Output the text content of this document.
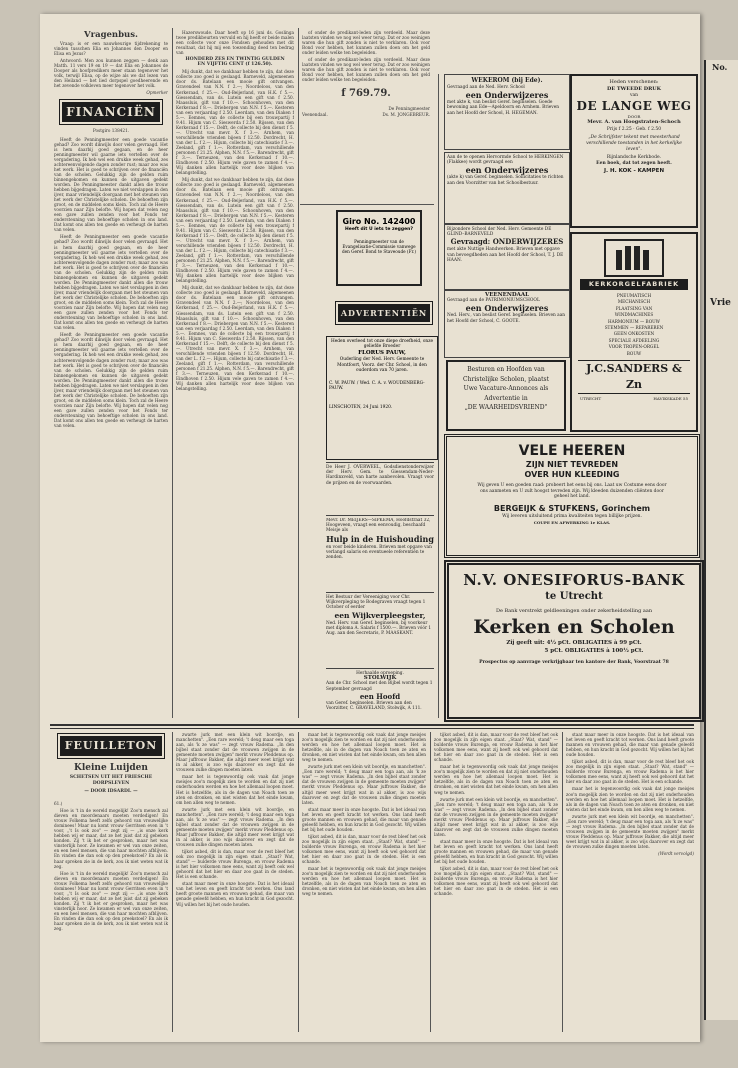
Vragenbus.

Vraag: is er een nauwkeurige tijdrekening te vinden tusschen Elia en Johannes den Dooper en Elisa en Jezus?

Antwoord: Men zou kunnen zeggen — denk aan Matth. 11 vers 19 en 19 — dat Elia en Johannes de Dooper als hoofpredikers meer staan tegenover het volk, terwijl Elisa, op de wijze als we dat lezen van den Heiland — het lied dorpspel goedheerende en het zevende volkleven meer tegenover het volk.

Opmerker
FINANCIËN
Postgiro 138421.

Heeft de Penningmeester een goede vacantie gehad? Zoo wordt dikwijls door velen gevraagd. Het is hem daarbij goed gegaan, en de heer penningmeester wil gaarne iets vertellen over de vergadering. Ik heb wel een drukke week gehad, zes achtereenvolgende dagen zonder rust; maar zoo was het werk. Het is goed te schrijven over de financiën van de scholen. Gelukkig zijn de gelden ruim binnengekomen en kunnen de uitgaven gedekt worden. De Penningmeester dankt allen die trouw hebben bijgedragen. Laten we niet verslappen in den ijver, maar vriendelijk doorgaan met het steunen van het werk der Christelijke scholen. De behoeften zijn groot, en de middelen soms klein. Toch zal de Heere voorzien naar Zijn belofte. Wij hopen dat velen nog een gave zullen zenden voor het Fonds ter ondersteuning van behoeftige scholen in ons land. Dat komt ons allen ten goede en verheugt de harten van velen.

Heeft de Penningmeester een goede vacantie gehad? Zoo wordt dikwijls door velen gevraagd. Het is hem daarbij goed gegaan, en de heer penningmeester wil gaarne iets vertellen over de vergadering. Ik heb wel een drukke week gehad, zes achtereenvolgende dagen zonder rust; maar zoo was het werk. Het is goed te schrijven over de financiën van de scholen. Gelukkig zijn de gelden ruim binnengekomen en kunnen de uitgaven gedekt worden. De Penningmeester dankt allen die trouw hebben bijgedragen. Laten we niet verslappen in den ijver, maar vriendelijk doorgaan met het steunen van het werk der Christelijke scholen. De behoeften zijn groot, en de middelen soms klein. Toch zal de Heere voorzien naar Zijn belofte. Wij hopen dat velen nog een gave zullen zenden voor het Fonds ter ondersteuning van behoeftige scholen in ons land. Dat komt ons allen ten goede en verheugt de harten van velen.

Heeft de Penningmeester een goede vacantie gehad? Zoo wordt dikwijls door velen gevraagd. Het is hem daarbij goed gegaan, en de heer penningmeester wil gaarne iets vertellen over de vergadering. Ik heb wel een drukke week gehad, zes achtereenvolgende dagen zonder rust; maar zoo was het werk. Het is goed te schrijven over de financiën van de scholen. Gelukkig zijn de gelden ruim binnengekomen en kunnen de uitgaven gedekt worden. De Penningmeester dankt allen die trouw hebben bijgedragen. Laten we niet verslappen in den ijver, maar vriendelijk doorgaan met het steunen van het werk der Christelijke scholen. De behoeften zijn groot, en de middelen soms klein. Toch zal de Heere voorzien naar Zijn belofte. Wij hopen dat velen nog een gave zullen zenden voor het Fonds ter ondersteuning van behoeftige scholen in ons land. Dat komt ons allen ten goede en verheugt de harten van velen.

Hazerswoude. Daar heeft op 16 juni ds. Goslinga twee predikbeurten vervuld en hij heeft er beide malen een collecte voor onze Fondsen gehouden met dit resultaat, dat hij mij een toezending deed ten bedrag van

HONDERD ZES EN TWINTIG GULDEN
EN VIJFTIG CENT (f 126.50).

Mij dunkt, dat we dankbaar hebben te zijn, dat deze collecte zoo goed is geslaagd. Barneveld, algemeenen door ds. Batelaan een mooie gift ontvangen. Gravendeel van N.N. f 2.—; Noordeloos, van den Kerkeraad, f 25.—. Oud-Beijerland, van H.K. f 5.—. Giessendam, van ds. Lutein een gift van f 2.50. Maassluis, gift van f 10.—. Schoonhoven, van den Kerkeraad f 8.—. Driebergen van N.N. f 5.—. Kesteren van een verjaardag f 2.50. Leerdam, van den Diaken f 5.—. Eemnes, van de collecte bij een trouwpartij f 9.41. Hijum van C. Sieswerda f 2.50. Rijssen, van den Kerkeraad f 15.—. Delft, de collecte bij den dienst f 5.—. Utrecht van mevr. X. f 3.—. Arnhem, van verschillende vrienden bijeen f 12.50. Dordrecht, H. van der L. f 2.—. Hijum, collecte bij catechisatie f 3.—. Zeeland, gift f 1.—. Rotterdam, van verschillende personen f 21.25. Alphen, N.N. f 5.—. Barendrecht, gift f 3.—. Terneuzen, van den Kerkeraad f 10.—. Eindhoven f 2.50. Hijum vele gaven te zamen f 4.—. Wij danken allen hartelijk voor deze blijken van belangstelling.

Mij dunkt, dat we dankbaar hebben te zijn, dat deze collecte zoo goed is geslaagd. Barneveld, algemeenen door ds. Batelaan een mooie gift ontvangen. Gravendeel van N.N. f 2.—; Noordeloos, van den Kerkeraad, f 25.—. Oud-Beijerland, van H.K. f 5.—. Giessendam, van ds. Lutein een gift van f 2.50. Maassluis, gift van f 10.—. Schoonhoven, van den Kerkeraad f 8.—. Driebergen van N.N. f 5.—. Kesteren van een verjaardag f 2.50. Leerdam, van den Diaken f 5.—. Eemnes, van de collecte bij een trouwpartij f 9.41. Hijum van C. Sieswerda f 2.50. Rijssen, van den Kerkeraad f 15.—. Delft, de collecte bij den dienst f 5.—. Utrecht van mevr. X. f 3.—. Arnhem, van verschillende vrienden bijeen f 12.50. Dordrecht, H. van der L. f 2.—. Hijum, collecte bij catechisatie f 3.—. Zeeland, gift f 1.—. Rotterdam, van verschillende personen f 21.25. Alphen, N.N. f 5.—. Barendrecht, gift f 3.—. Terneuzen, van den Kerkeraad f 10.—. Eindhoven f 2.50. Hijum vele gaven te zamen f 4.—. Wij danken allen hartelijk voor deze blijken van belangstelling.

Mij dunkt, dat we dankbaar hebben te zijn, dat deze collecte zoo goed is geslaagd. Barneveld, algemeenen door ds. Batelaan een mooie gift ontvangen. Gravendeel van N.N. f 2.—; Noordeloos, van den Kerkeraad, f 25.—. Oud-Beijerland, van H.K. f 5.—. Giessendam, van ds. Lutein een gift van f 2.50. Maassluis, gift van f 10.—. Schoonhoven, van den Kerkeraad f 8.—. Driebergen van N.N. f 5.—. Kesteren van een verjaardag f 2.50. Leerdam, van den Diaken f 5.—. Eemnes, van de collecte bij een trouwpartij f 9.41. Hijum van C. Sieswerda f 2.50. Rijssen, van den Kerkeraad f 15.—. Delft, de collecte bij den dienst f 5.—. Utrecht van mevr. X. f 3.—. Arnhem, van verschillende vrienden bijeen f 12.50. Dordrecht, H. van der L. f 2.—. Hijum, collecte bij catechisatie f 3.—. Zeeland, gift f 1.—. Rotterdam, van verschillende personen f 21.25. Alphen, N.N. f 5.—. Barendrecht, gift f 3.—. Terneuzen, van den Kerkeraad f 10.—. Eindhoven f 2.50. Hijum vele gaven te zamen f 4.—. Wij danken allen hartelijk voor deze blijken van belangstelling.

of onder de predikant-leden zijn verdeeld. Maar deze laatsten vinden we nog wel weer terug. Dat er zoo weinigen waren die hun gift zonden is niet te verklaren. Ook voor Bond voor hebben, het kunnen zullen doen om het geld onder leiden welke ten begeleiden.

of onder de predikant-leden zijn verdeeld. Maar deze laatsten vinden we nog wel weer terug. Dat er zoo weinigen waren die hun gift zonden is niet te verklaren. Ook voor Bond voor hebben, het kunnen zullen doen om het geld onder leiden welke ten begeleiden.

f 769.79.
De Penningmeester
Veenendaal.	Ds. M. JONGEBREUR.
Giro No. 142400
Heeft dit U iets te zeggen?
Penningmeester van de Evangelisatie-Commissie vanwege den Geref. Bond te Staveoude (Fr.)
ADVERTENTIËN
Heden overleed tot onze diepe droefheid, onze geliefde Broeder
FLORUS PAUW,
Ouderling der Ned. Herv. Gemeente te Montfoort, Voorz. der Chr. School, in den ouderdom van 70 jaren.
C. W. PAUW. / Wed. C. A. v. WOUDENBERG-PAUW.
LINSCHOTEN, 24 Juni 1920.
De Heer J. OVERWEEL, Godsdienstonderwijzer der Herv. Gem. te Giessendam-Neder-Hardinxveld, van harte aanbevolen. Vraagt voor de prijzen en de voorwaarden.
Mevr. Dr. MEIJERS—SIPKEMA, Hoofdstraat 32, Hoogeveen, vraagt een eenvoudig, beschaafd Meisje als
Hulp in de Huishouding
en voor beide kinderen. Brieven met opgave van verlangd salaris en eventueele referentiën te zenden.
Het Bestuur der Vereeniging voor Chr. Wijkverpleging te Bodegraven vraagt tegen 1 October of eerder
een Wijkverpleegster,
Ned. Herv. van Geref. beginselen, bij voorkeur met diploma A. Salaris f 1500.—. Brieven vóór 1 Aug. aan den Secretaris, P. MAASKANT.
Herhaalde oproeping.
STOLWIJK
Aan de Chr. School met den Bijbel wordt tegen 1 September gevraagd
een Hoofd
van Geref. beginselen. Brieven aan den Voorzitter, C. GRAVELAND, Stolwijk, A 111.
WEKEROM (bij Ede).
Gevraagd aan de Ned. Herv. School
een Onderwijzeres
met akte k, van beslist Geref. beginselen. Goede bewoning aan Ede—Apeldoorn en Arnhem. Brieven aan het Hoofd der School, H. HEGEMAN.
Aan de te openen Hervormde School te HERKINGEN (Flakkee) wordt gevraagd een
een Onderwijzeres
(akte k) van Geref. beginselen. Sollicitaties te richten aan den Voorzitter van het Schoolbestuur.
Bijzondere School der Ned. Herv. Gemeente DE GLIND–BARNEVELD
Gevraagd: ONDERWIJZERES
met akte Nuttige Handwerken. Brieven met opgave van bevoegdheden aan het Hoofd der School, T. J. DE HAAN.
VEENENDAAL
Gevraagd aan de PATRIMONIUMSCHOOL
een Onderwijzeres
Ned. Herv., van beslist Geref. beginselen. Brieven aan het Hoofd der School, C. GOOTE.
Besturen en Hoofden van
Christelijke Scholen, plaatst
Uwe Vacature-Annonces als
Advertentie in
„DE WAARHEIDSVRIEND"
Heden verschenen:
DE TWEEDE DRUK
van
DE LANGE WEG
DOOR
Mevr. A. van Hoogstraten-Schoch
Prijs f 2.25 · Geb. f 2.50
„De Schrijfster tekent met meesterhand verschillende toestanden in het kerkelijke leven".
Rijnlandsche Kerkbode.
Een boek, dat tot zegen heeft.
J. H. KOK - KAMPEN
KERKORGELFABRIEK
PNEUMATISCH
MECHANISCH
PLAATSING VAN
WINDMACHINES
HARMONIUM — BOUW
STEMMEN — REPAREREN
GEEN ONKOSTEN
SPECIALE AFDEELING
VOOR TROPEN-ORGEL
BOUW
J.C.SANDERS & Zn
UTRECHT	HAVIKSKADE 55
VELE HEEREN
ZIJN NIET TEVREDEN
OVER HUN KLEEDING
Wij geven U een goeden raad: probeert het eens bij ons. Laat uw Costume eens door ons aanmeten en U zult hoogst tevreden zijn. Wij kleeden duizenden cliënten door geheel het land.
BERGEIJK & STUFKENS, Gorinchem
Wij leveren uitsluitend prima kwaliteiten tegen billijke prijzen.
COUPE EN AFWERKING 1e KLAS.
N.V. ONESIFORUS-BANK
te Utrecht
De Bank verstrekt geldleeningen onder zekerheidstelling aan
Kerken en Scholen
Zij geeft uit: 4½ pCt. OBLIGATIES à 99 pCt.
5 pCt. OBLIGATIES à 100½ pCt.
Prospectus op aanvrage verkrijgbaar ten kantore der Bank, Voorstraat 78
FEUILLETON
Kleine Luijden
SCHETSEN UIT HET FRIESCHE DORPSLEVEN
— DOOR IDSARDI. —
61.)

Hoe is 't in de wereld mogelijk! Zoo'n mensch zal dieven en moordenaars moeten verdedigen! En vrouw Folkema heeft zelfs gehoord van vrouwelijke dominees! Maar nu komt vrouw Gerritsen even in 't voor, „'t Is ook zoo" — zegt zij — „is onze kerk hebben wij er maar, dat ze het juist dat zij gebeken konden. Zij 't ik het er gesproken, maar het was vinsterlijk hoor. Ze kwamen er wel van onze zeiten, en een heel mensen, die van haar mochten afblijven. En vinden die dan ook op den preekstoel? En als ik haar spreken zie in de kerk, zou ik niet weten wat ik zeg.

Hoe is 't in de wereld mogelijk! Zoo'n mensch zal dieven en moordenaars moeten verdedigen! En vrouw Folkema heeft zelfs gehoord van vrouwelijke dominees! Maar nu komt vrouw Gerritsen even in 't voor, „'t Is ook zoo" — zegt zij — „is onze kerk hebben wij er maar, dat ze het juist dat zij gebeken konden. Zij 't ik het er gesproken, maar het was vinsterlijk hoor. Ze kwamen er wel van onze zeiten, en een heel mensen, die van haar mochten afblijven. En vinden die dan ook op den preekstoel? En als ik haar spreken zie in de kerk, zou ik niet weten wat ik zeg.

zwarte jurk met een klein wit boordje, en manchetten". „Een rare wereld; 't deug maar een toga aan, als 'k ze was" — zegt vrouw Radema. „In den bijbel staat zonder dat de vrouwen zwijgen in de gemeente moeten zwijgen" merkt vrouw Pleddenus op. Maar juffrouw Bakker, die altijd meer weet krijgt wat in al akker, is zoo wijs daarover en zegt dat de vrouwen zulke dingen moeten laten.

maar het is tegenwoordig ook vaak dat jonge meisjes zoo'n mogelijk zien te worden en dat zij niet onderhouden werden en hoe het allemaal loopen moet. Het is hetzelfde, als in de dagen van Noach toen ze aten en dronken, en niet wisten dat het einde kwam, om hen allen weg te nemen.

zwarte jurk met een klein wit boordje, en manchetten". „Een rare wereld; 't deug maar een toga aan, als 'k ze was" — zegt vrouw Radema. „In den bijbel staat zonder dat de vrouwen zwijgen in de gemeente moeten zwijgen" merkt vrouw Pleddenus op. Maar juffrouw Bakker, die altijd meer weet krijgt wat in al akker, is zoo wijs daarover en zegt dat de vrouwen zulke dingen moeten laten.

tijkot asbed, dit is dan, maar voor de rest bleef het ook zoo mogelijk in zijn eigen staat. „Staat? Wat, stand" — bulderde vrouw Burenga, en vrouw Radema is het hier volkomen mee eens, want zij heeft ook wel gehoord dat het hier en daar zoo gaat in de steden. Het is een schande.

staat maar meer in onze hoogste. Dat is het ideaal van het leven en geeft kracht tot werken. Ons land heeft groote mannen en vrouwen gehad, die maar van genade geleefd hebben, en hun kracht in God gezocht. Wij willen het bij het oude houden.

maar het is tegenwoordig ook vaak dat jonge meisjes zoo'n mogelijk zien te worden en dat zij niet onderhouden werden en hoe het allemaal loopen moet. Het is hetzelfde, als in de dagen van Noach toen ze aten en dronken, en niet wisten dat het einde kwam, om hen allen weg te nemen.

zwarte jurk met een klein wit boordje, en manchetten". „Een rare wereld; 't deug maar een toga aan, als 'k ze was" — zegt vrouw Radema. „In den bijbel staat zonder dat de vrouwen zwijgen in de gemeente moeten zwijgen" merkt vrouw Pleddenus op. Maar juffrouw Bakker, die altijd meer weet krijgt wat in al akker, is zoo wijs daarover en zegt dat de vrouwen zulke dingen moeten laten.

staat maar meer in onze hoogste. Dat is het ideaal van het leven en geeft kracht tot werken. Ons land heeft groote mannen en vrouwen gehad, die maar van genade geleefd hebben, en hun kracht in God gezocht. Wij willen het bij het oude houden.

tijkot asbed, dit is dan, maar voor de rest bleef het ook zoo mogelijk in zijn eigen staat. „Staat? Wat, stand" — bulderde vrouw Burenga, en vrouw Radema is het hier volkomen mee eens, want zij heeft ook wel gehoord dat het hier en daar zoo gaat in de steden. Het is een schande.

maar het is tegenwoordig ook vaak dat jonge meisjes zoo'n mogelijk zien te worden en dat zij niet onderhouden werden en hoe het allemaal loopen moet. Het is hetzelfde, als in de dagen van Noach toen ze aten en dronken, en niet wisten dat het einde kwam, om hen allen weg te nemen.

tijkot asbed, dit is dan, maar voor de rest bleef het ook zoo mogelijk in zijn eigen staat. „Staat? Wat, stand" — bulderde vrouw Burenga, en vrouw Radema is het hier volkomen mee eens, want zij heeft ook wel gehoord dat het hier en daar zoo gaat in de steden. Het is een schande.

maar het is tegenwoordig ook vaak dat jonge meisjes zoo'n mogelijk zien te worden en dat zij niet onderhouden werden en hoe het allemaal loopen moet. Het is hetzelfde, als in de dagen van Noach toen ze aten en dronken, en niet wisten dat het einde kwam, om hen allen weg te nemen.

zwarte jurk met een klein wit boordje, en manchetten". „Een rare wereld; 't deug maar een toga aan, als 'k ze was" — zegt vrouw Radema. „In den bijbel staat zonder dat de vrouwen zwijgen in de gemeente moeten zwijgen" merkt vrouw Pleddenus op. Maar juffrouw Bakker, die altijd meer weet krijgt wat in al akker, is zoo wijs daarover en zegt dat de vrouwen zulke dingen moeten laten.

staat maar meer in onze hoogste. Dat is het ideaal van het leven en geeft kracht tot werken. Ons land heeft groote mannen en vrouwen gehad, die maar van genade geleefd hebben, en hun kracht in God gezocht. Wij willen het bij het oude houden.

tijkot asbed, dit is dan, maar voor de rest bleef het ook zoo mogelijk in zijn eigen staat. „Staat? Wat, stand" — bulderde vrouw Burenga, en vrouw Radema is het hier volkomen mee eens, want zij heeft ook wel gehoord dat het hier en daar zoo gaat in de steden. Het is een schande.

staat maar meer in onze hoogste. Dat is het ideaal van het leven en geeft kracht tot werken. Ons land heeft groote mannen en vrouwen gehad, die maar van genade geleefd hebben, en hun kracht in God gezocht. Wij willen het bij het oude houden.

tijkot asbed, dit is dan, maar voor de rest bleef het ook zoo mogelijk in zijn eigen staat. „Staat? Wat, stand" — bulderde vrouw Burenga, en vrouw Radema is het hier volkomen mee eens, want zij heeft ook wel gehoord dat het hier en daar zoo gaat in de steden. Het is een schande.

maar het is tegenwoordig ook vaak dat jonge meisjes zoo'n mogelijk zien te worden en dat zij niet onderhouden werden en hoe het allemaal loopen moet. Het is hetzelfde, als in de dagen van Noach toen ze aten en dronken, en niet wisten dat het einde kwam, om hen allen weg te nemen.

zwarte jurk met een klein wit boordje, en manchetten". „Een rare wereld; 't deug maar een toga aan, als 'k ze was" — zegt vrouw Radema. „In den bijbel staat zonder dat de vrouwen zwijgen in de gemeente moeten zwijgen" merkt vrouw Pleddenus op. Maar juffrouw Bakker, die altijd meer weet krijgt wat in al akker, is zoo wijs daarover en zegt dat de vrouwen zulke dingen moeten laten.

(Wordt vervolgd)
No.
Vrie
